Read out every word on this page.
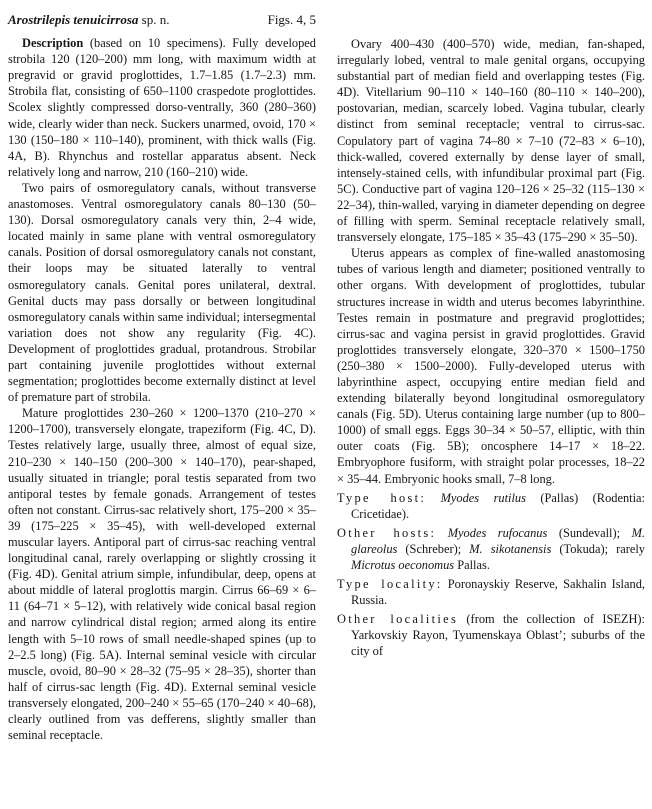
Arostrilepis tenuicirrosa sp. n.	Figs. 4, 5

Description (based on 10 specimens). Fully developed strobila 120 (120–200) mm long, with maximum width at pregravid or gravid proglottides, 1.7–1.85 (1.7–2.3) mm. Strobila flat, consisting of 650–1100 craspedote proglottides. Scolex slightly compressed dorso-ventrally, 360 (280–360) wide, clearly wider than neck. Suckers unarmed, ovoid, 170 × 130 (150–180 × 110–140), prominent, with thick walls (Fig. 4A, B). Rhynchus and rostellar apparatus absent. Neck relatively long and narrow, 210 (160–210) wide.

Two pairs of osmoregulatory canals, without transverse anastomoses. Ventral osmoregulatory canals 80–130 (50–130). Dorsal osmoregulatory canals very thin, 2–4 wide, located mainly in same plane with ventral osmoregulatory canals. Position of dorsal osmoregulatory canals not constant, their loops may be situated laterally to ventral osmoregulatory canals. Genital pores unilateral, dextral. Genital ducts may pass dorsally or between longitudinal osmoregulatory canals within same individual; intersegmental variation does not show any regularity (Fig. 4C). Development of proglottides gradual, protandrous. Strobilar part containing juvenile proglottides without external segmentation; proglottides become externally distinct at level of premature part of strobila.

Mature proglottides 230–260 × 1200–1370 (210–270 × 1200–1700), transversely elongate, trapeziform (Fig. 4C, D). Testes relatively large, usually three, almost of equal size, 210–230 × 140–150 (200–300 × 140–170), pear-shaped, usually situated in triangle; poral testis separated from two antiporal testes by female gonads. Arrangement of testes often not constant. Cirrus-sac relatively short, 175–200 × 35–39 (175–225 × 35–45), with well-developed external muscular layers. Antiporal part of cirrus-sac reaching ventral longitudinal canal, rarely overlapping or slightly crossing it (Fig. 4D). Genital atrium simple, infundibular, deep, opens at about middle of lateral proglottis margin. Cirrus 66–69 × 6–11 (64–71 × 5–12), with relatively wide conical basal region and narrow cylindrical distal region; armed along its entire length with 5–10 rows of small needle-shaped spines (up to 2–2.5 long) (Fig. 5A). Internal seminal vesicle with circular muscle, ovoid, 80–90 × 28–32 (75–95 × 28–35), shorter than half of cirrus-sac length (Fig. 4D). External seminal vesicle transversely elongated, 200–240 × 55–65 (170–240 × 40–68), clearly outlined from vas defferens, slightly smaller than seminal receptacle.

Ovary 400–430 (400–570) wide, median, fan-shaped, irregularly lobed, ventral to male genital organs, occupying substantial part of median field and overlapping testes (Fig. 4D). Vitellarium 90–110 × 140–160 (80–110 × 140–200), postovarian, median, scarcely lobed. Vagina tubular, clearly distinct from seminal receptacle; ventral to cirrus-sac. Copulatory part of vagina 74–80 × 7–10 (72–83 × 6–10), thick-walled, covered externally by dense layer of small, intensely-stained cells, with infundibular proximal part (Fig. 5C). Conductive part of vagina 120–126 × 25–32 (115–130 × 22–34), thin-walled, varying in diameter depending on degree of filling with sperm. Seminal receptacle relatively small, transversely elongate, 175–185 × 35–43 (175–290 × 35–50).

Uterus appears as complex of fine-walled anastomosing tubes of various length and diameter; positioned ventrally to other organs. With development of proglottides, tubular structures increase in width and uterus becomes labyrinthine. Testes remain in postmature and pregravid proglottides; cirrus-sac and vagina persist in gravid proglottides. Gravid proglottides transversely elongate, 320–370 × 1500–1750 (250–380 × 1500–2000). Fully-developed uterus with labyrinthine aspect, occupying entire median field and extending bilaterally beyond longitudinal osmoregulatory canals (Fig. 5D). Uterus containing large number (up to 800–1000) of small eggs. Eggs 30–34 × 50–57, elliptic, with thin outer coats (Fig. 5B); oncosphere 14–17 × 18–22. Embryophore fusiform, with straight polar processes, 18–22 × 35–44. Embryonic hooks small, 7–8 long.

Type host: Myodes rutilus (Pallas) (Rodentia: Cricetidae).

Other hosts: Myodes rufocanus (Sundevall); M. glareolus (Schreber); M. sikotanensis (Tokuda); rarely Microtus oeconomus Pallas.

Type locality: Poronayskiy Reserve, Sakhalin Island, Russia.

Other localities (from the collection of ISEZH): Yarkovskiy Rayon, Tyumenskaya Oblast’; suburbs of the city of
